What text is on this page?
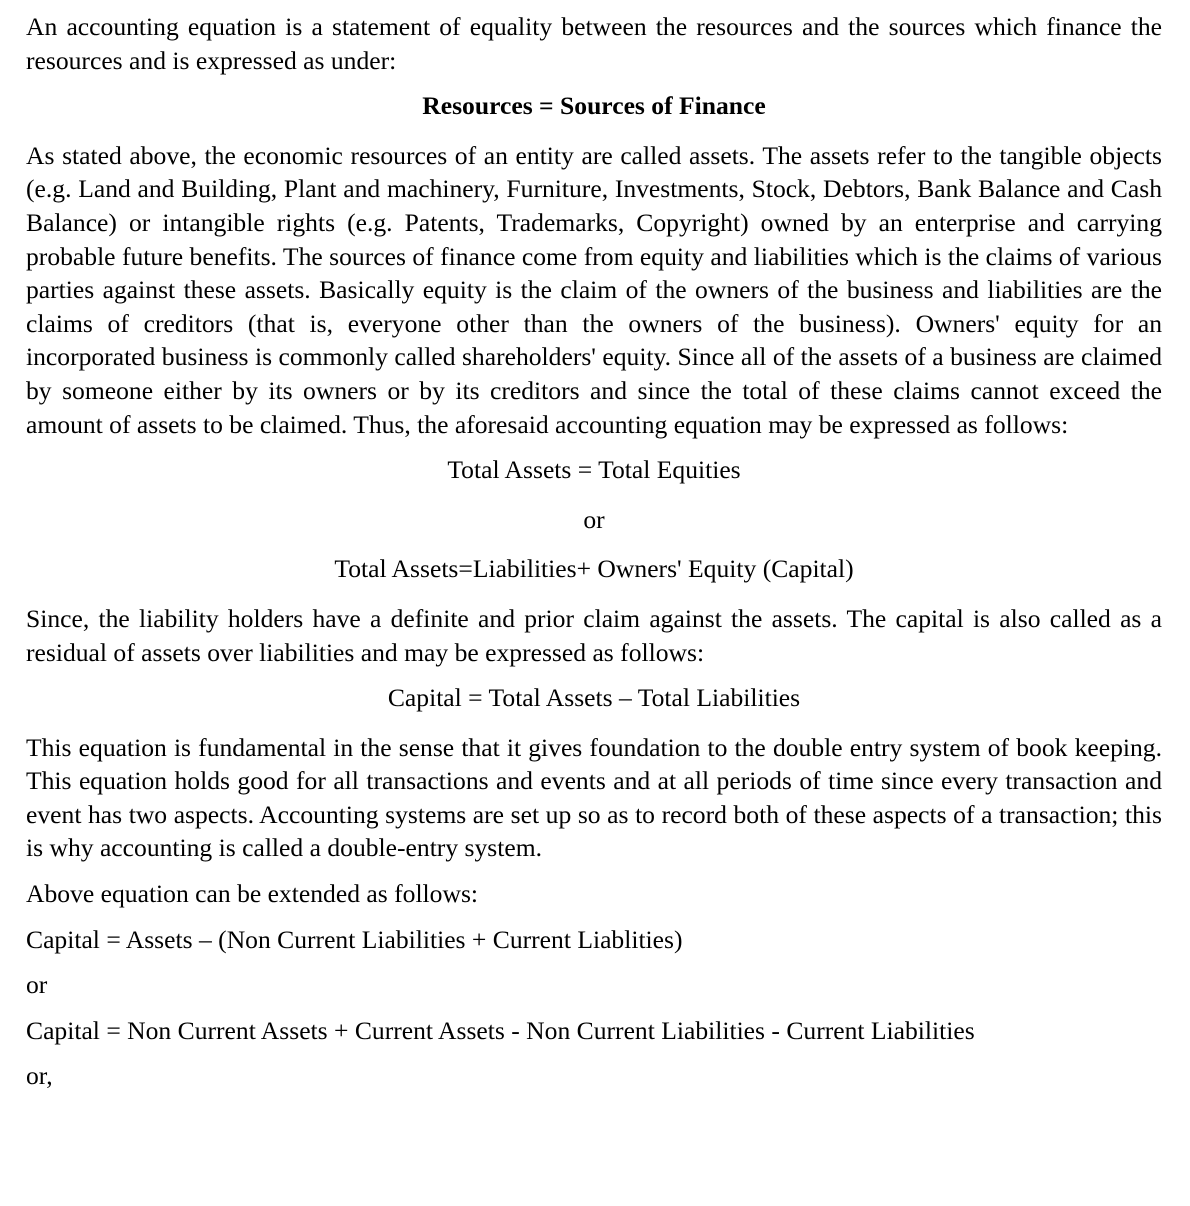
An accounting equation is a statement of equality between the resources and the sources which finance the resources and is expressed as under:

Resources = Sources of Finance

As stated above, the economic resources of an entity are called assets. The assets refer to the tangible objects (e.g. Land and Building, Plant and machinery, Furniture, Investments, Stock, Debtors, Bank Balance and Cash Balance) or intangible rights (e.g. Patents, Trademarks, Copyright) owned by an enterprise and carrying probable future benefits. The sources of finance come from equity and liabilities which is the claims of various parties against these assets. Basically equity is the claim of the owners of the business and liabilities are the claims of creditors (that is, everyone other than the owners of the business). Owners' equity for an incorporated business is commonly called shareholders' equity. Since all of the assets of a business are claimed by someone either by its owners or by its creditors and since the total of these claims cannot exceed the amount of assets to be claimed. Thus, the aforesaid accounting equation may be expressed as follows:

Total Assets = Total Equities

or

Total Assets=Liabilities+ Owners' Equity (Capital)

Since, the liability holders have a definite and prior claim against the assets. The capital is also called as a residual of assets over liabilities and may be expressed as follows:

Capital = Total Assets – Total Liabilities

This equation is fundamental in the sense that it gives foundation to the double entry system of book keeping. This equation holds good for all transactions and events and at all periods of time since every transaction and event has two aspects. Accounting systems are set up so as to record both of these aspects of a transaction; this is why accounting is called a double-entry system.

Above equation can be extended as follows:

Capital = Assets – (Non Current Liabilities + Current Liablities)

or

Capital = Non Current Assets + Current Assets - Non Current Liabilities - Current Liabilities

or,
